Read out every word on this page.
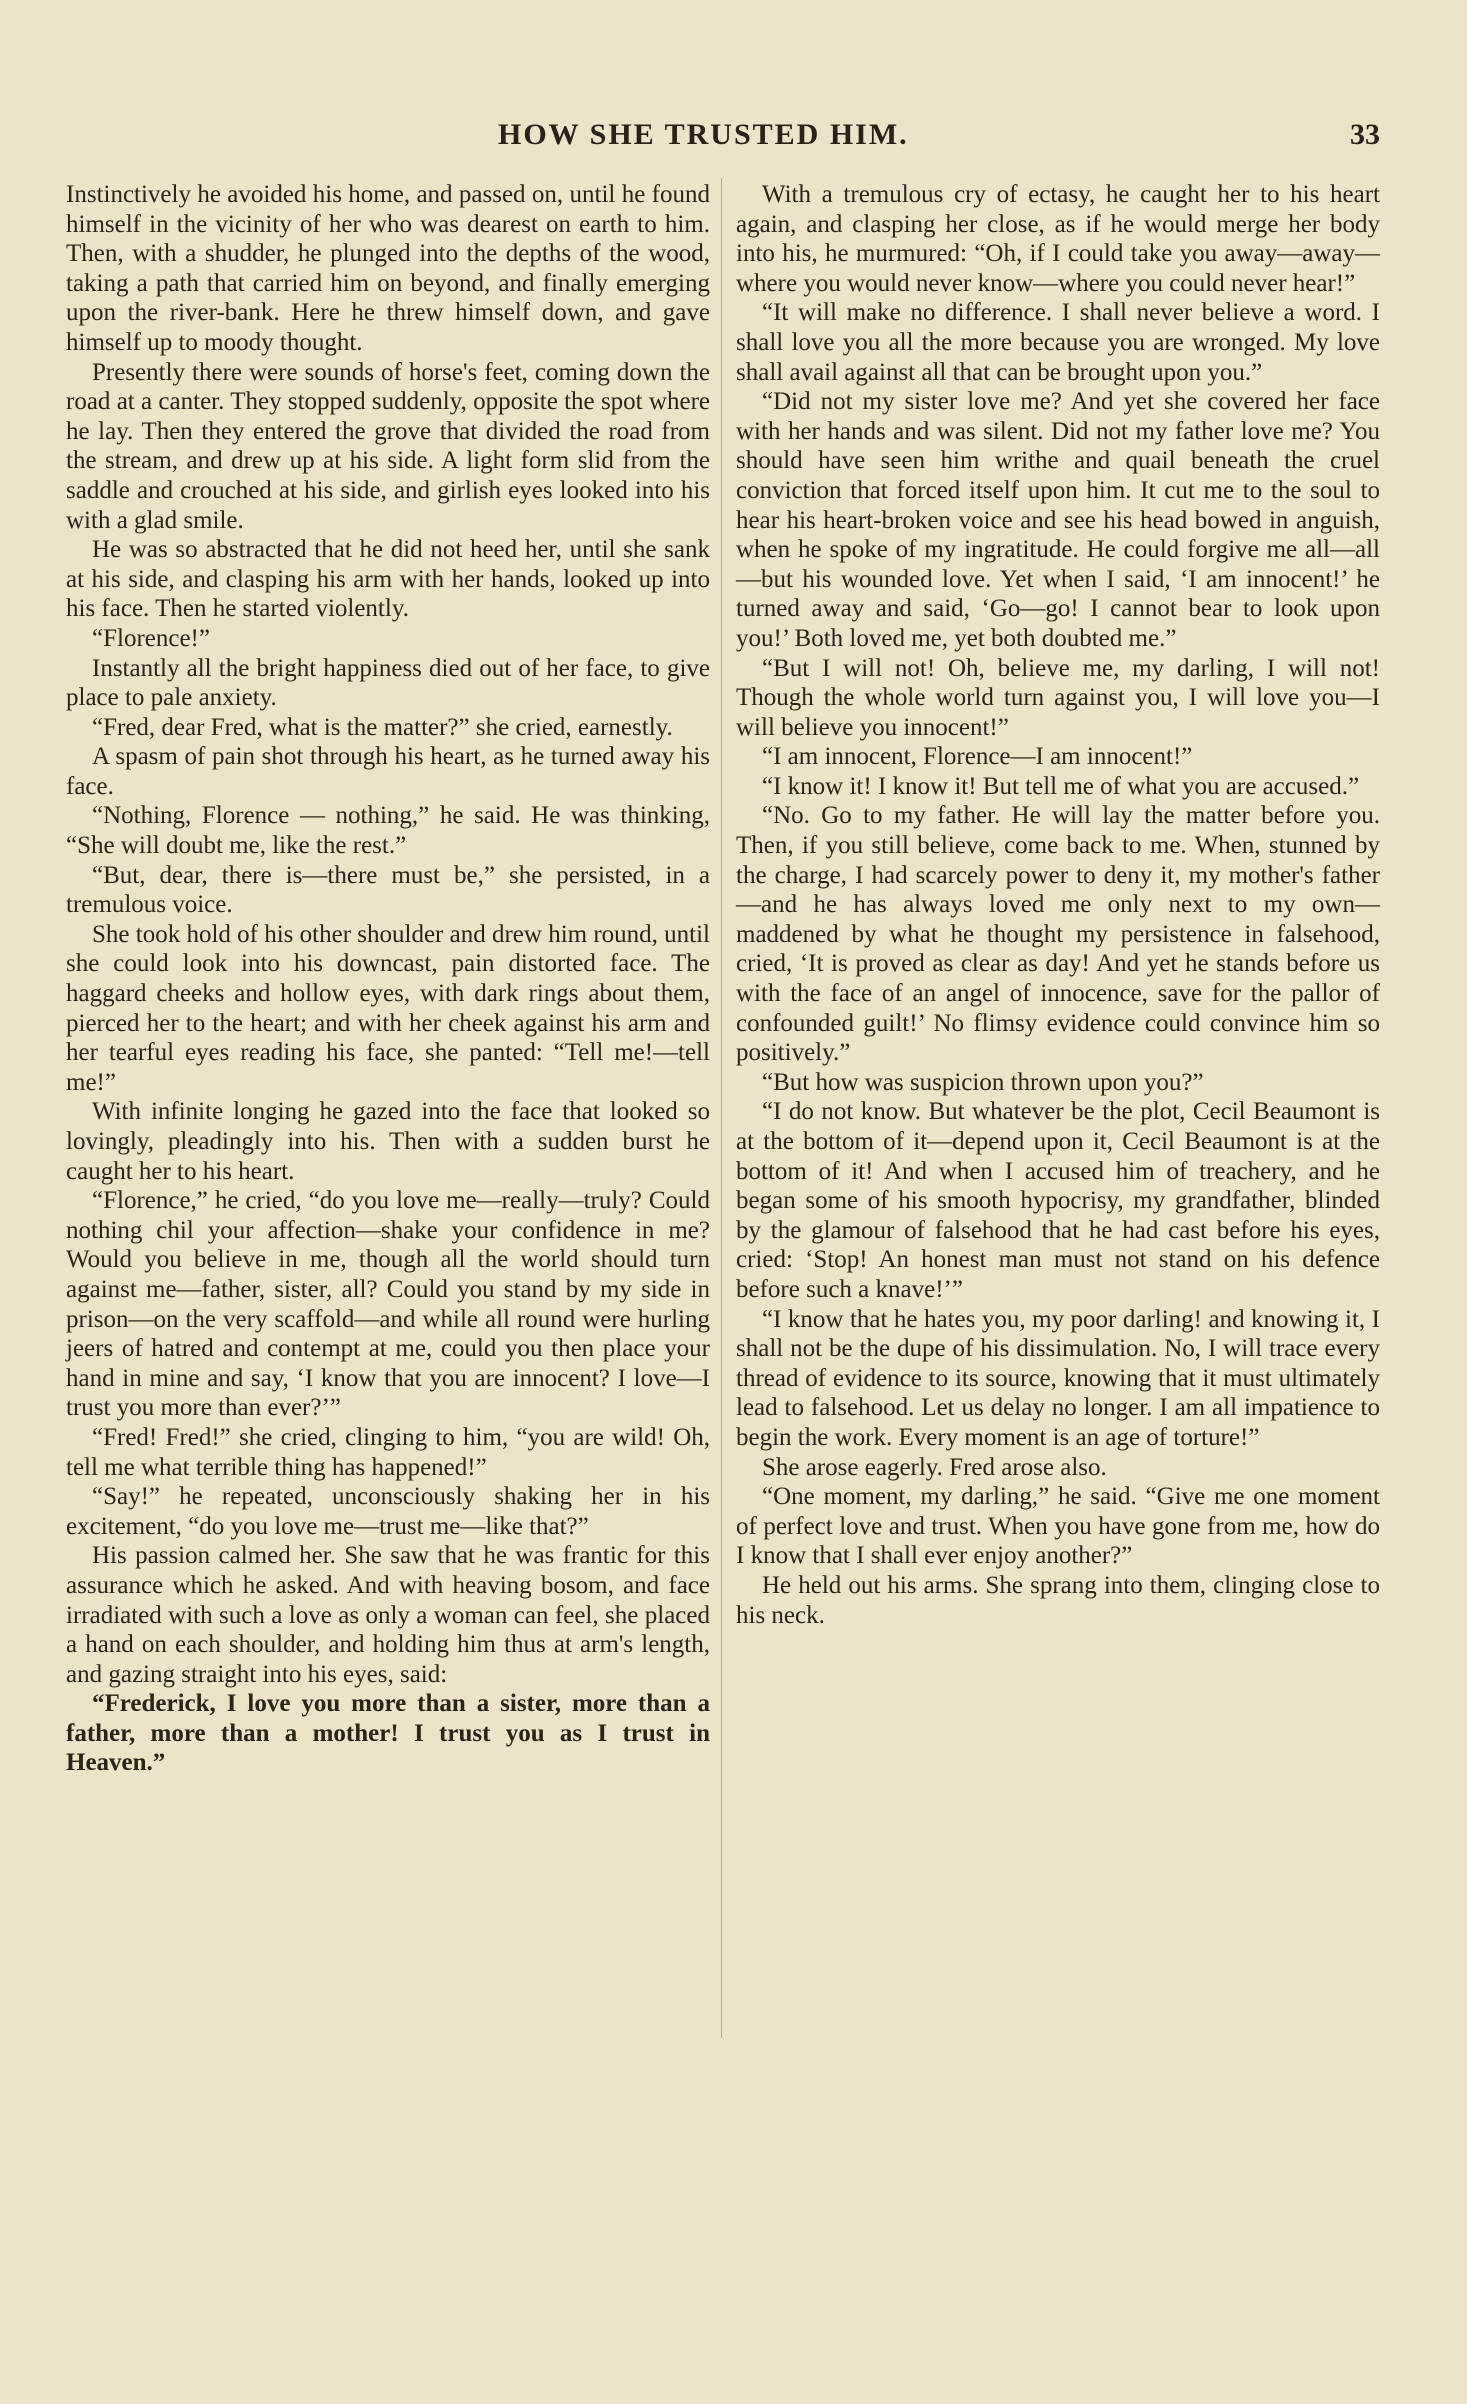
HOW SHE TRUSTED HIM.	33

Instinctively he avoided his home, and passed on, until he found himself in the vicinity of her who was dearest on earth to him. Then, with a shudder, he plunged into the depths of the wood, taking a path that carried him on beyond, and finally emerging upon the river-bank. Here he threw himself down, and gave himself up to moody thought.

Presently there were sounds of horse's feet, coming down the road at a canter. They stopped suddenly, opposite the spot where he lay. Then they entered the grove that divided the road from the stream, and drew up at his side. A light form slid from the saddle and crouched at his side, and girlish eyes looked into his with a glad smile.

He was so abstracted that he did not heed her, until she sank at his side, and clasping his arm with her hands, looked up into his face. Then he started violently.

“Florence!”

Instantly all the bright happiness died out of her face, to give place to pale anxiety.

“Fred, dear Fred, what is the matter?” she cried, earnestly.

A spasm of pain shot through his heart, as he turned away his face.

“Nothing, Florence — nothing,” he said. He was thinking, “She will doubt me, like the rest.”

“But, dear, there is—there must be,” she persisted, in a tremulous voice.

She took hold of his other shoulder and drew him round, until she could look into his downcast, pain distorted face. The haggard cheeks and hollow eyes, with dark rings about them, pierced her to the heart; and with her cheek against his arm and her tearful eyes reading his face, she panted: “Tell me!—tell me!”

With infinite longing he gazed into the face that looked so lovingly, pleadingly into his. Then with a sudden burst he caught her to his heart.

“Florence,” he cried, “do you love me—really—truly? Could nothing chil your affection—shake your confidence in me? Would you believe in me, though all the world should turn against me—father, sister, all? Could you stand by my side in prison—on the very scaffold—and while all round were hurling jeers of hatred and contempt at me, could you then place your hand in mine and say, ‘I know that you are innocent? I love—I trust you more than ever?’”

“Fred! Fred!” she cried, clinging to him, “you are wild! Oh, tell me what terrible thing has happened!”

“Say!” he repeated, unconsciously shaking her in his excitement, “do you love me—trust me—like that?”

His passion calmed her. She saw that he was frantic for this assurance which he asked. And with heaving bosom, and face irradiated with such a love as only a woman can feel, she placed a hand on each shoulder, and holding him thus at arm's length, and gazing straight into his eyes, said:

“Frederick, I love you more than a sister, more than a father, more than a mother! I trust you as I trust in Heaven.”

With a tremulous cry of ectasy, he caught her to his heart again, and clasping her close, as if he would merge her body into his, he murmured: “Oh, if I could take you away—away—where you would never know—where you could never hear!”

“It will make no difference. I shall never believe a word. I shall love you all the more because you are wronged. My love shall avail against all that can be brought upon you.”

“Did not my sister love me? And yet she covered her face with her hands and was silent. Did not my father love me? You should have seen him writhe and quail beneath the cruel conviction that forced itself upon him. It cut me to the soul to hear his heart-broken voice and see his head bowed in anguish, when he spoke of my ingratitude. He could forgive me all—all—but his wounded love. Yet when I said, ‘I am innocent!’ he turned away and said, ‘Go—go! I cannot bear to look upon you!’ Both loved me, yet both doubted me.”

“But I will not! Oh, believe me, my darling, I will not! Though the whole world turn against you, I will love you—I will believe you innocent!”

“I am innocent, Florence—I am innocent!”

“I know it! I know it! But tell me of what you are accused.”

“No. Go to my father. He will lay the matter before you. Then, if you still believe, come back to me. When, stunned by the charge, I had scarcely power to deny it, my mother's father—and he has always loved me only next to my own—maddened by what he thought my persistence in falsehood, cried, ‘It is proved as clear as day! And yet he stands before us with the face of an angel of innocence, save for the pallor of confounded guilt!’ No flimsy evidence could convince him so positively.”

“But how was suspicion thrown upon you?”

“I do not know. But whatever be the plot, Cecil Beaumont is at the bottom of it—depend upon it, Cecil Beaumont is at the bottom of it! And when I accused him of treachery, and he began some of his smooth hypocrisy, my grandfather, blinded by the glamour of falsehood that he had cast before his eyes, cried: ‘Stop! An honest man must not stand on his defence before such a knave!’”

“I know that he hates you, my poor darling! and knowing it, I shall not be the dupe of his dissimulation. No, I will trace every thread of evidence to its source, knowing that it must ultimately lead to falsehood. Let us delay no longer. I am all impatience to begin the work. Every moment is an age of torture!”

She arose eagerly. Fred arose also.

“One moment, my darling,” he said. “Give me one moment of perfect love and trust. When you have gone from me, how do I know that I shall ever enjoy another?”

He held out his arms. She sprang into them, clinging close to his neck.
